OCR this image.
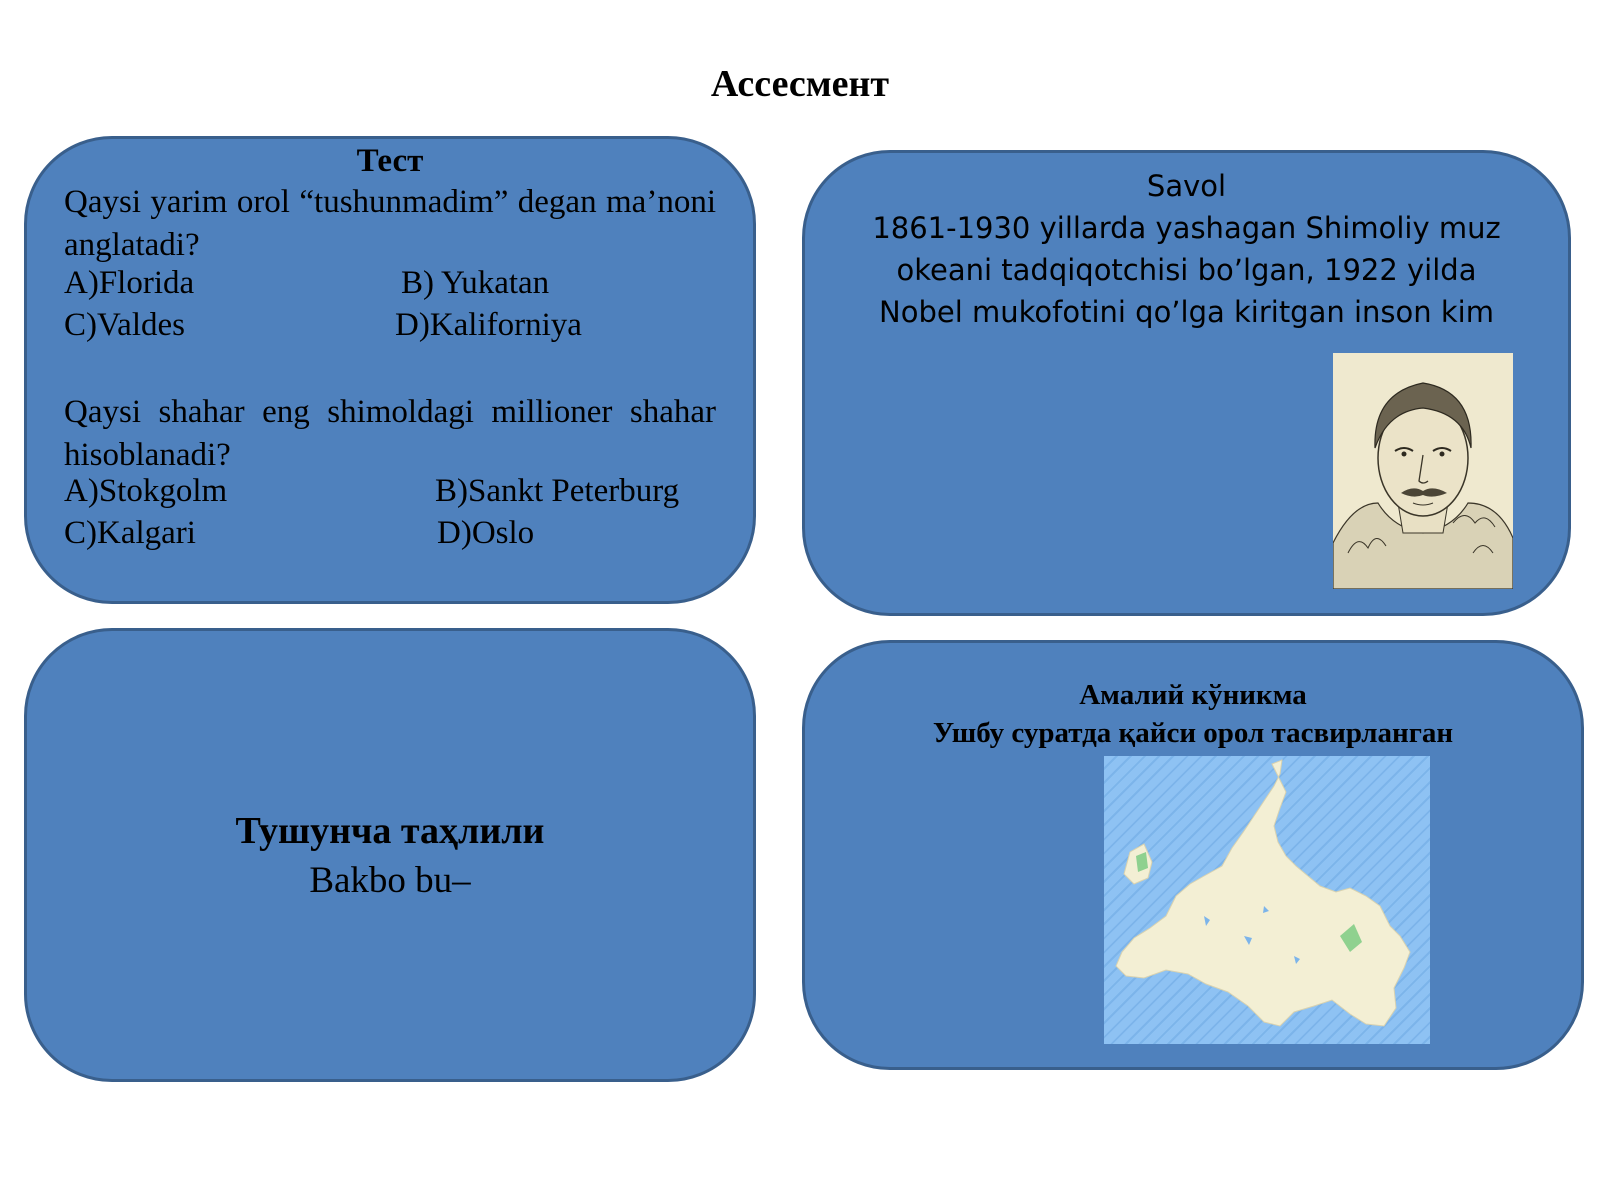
Ассесмент
Тест
Qaysi yarim orol “tushunmadim” degan ma’noni anglatadi?
A)Florida	B) Yukatan
C)Valdes	D)Kaliforniya
Qaysi shahar eng shimoldagi millioner shahar hisoblanadi?
A)Stokgolm	B)Sankt Peterburg
C)Kalgari	D)Oslo
Savol
1861-1930 yillarda yashagan Shimoliy muz
okeani tadqiqotchisi bo’lgan, 1922 yilda
Nobel mukofotini qo’lga kiritgan inson kim
Тушунча таҳлили
Bakbo bu–
Амалий кўникма
Ушбу суратда қайси орол тасвирланган
